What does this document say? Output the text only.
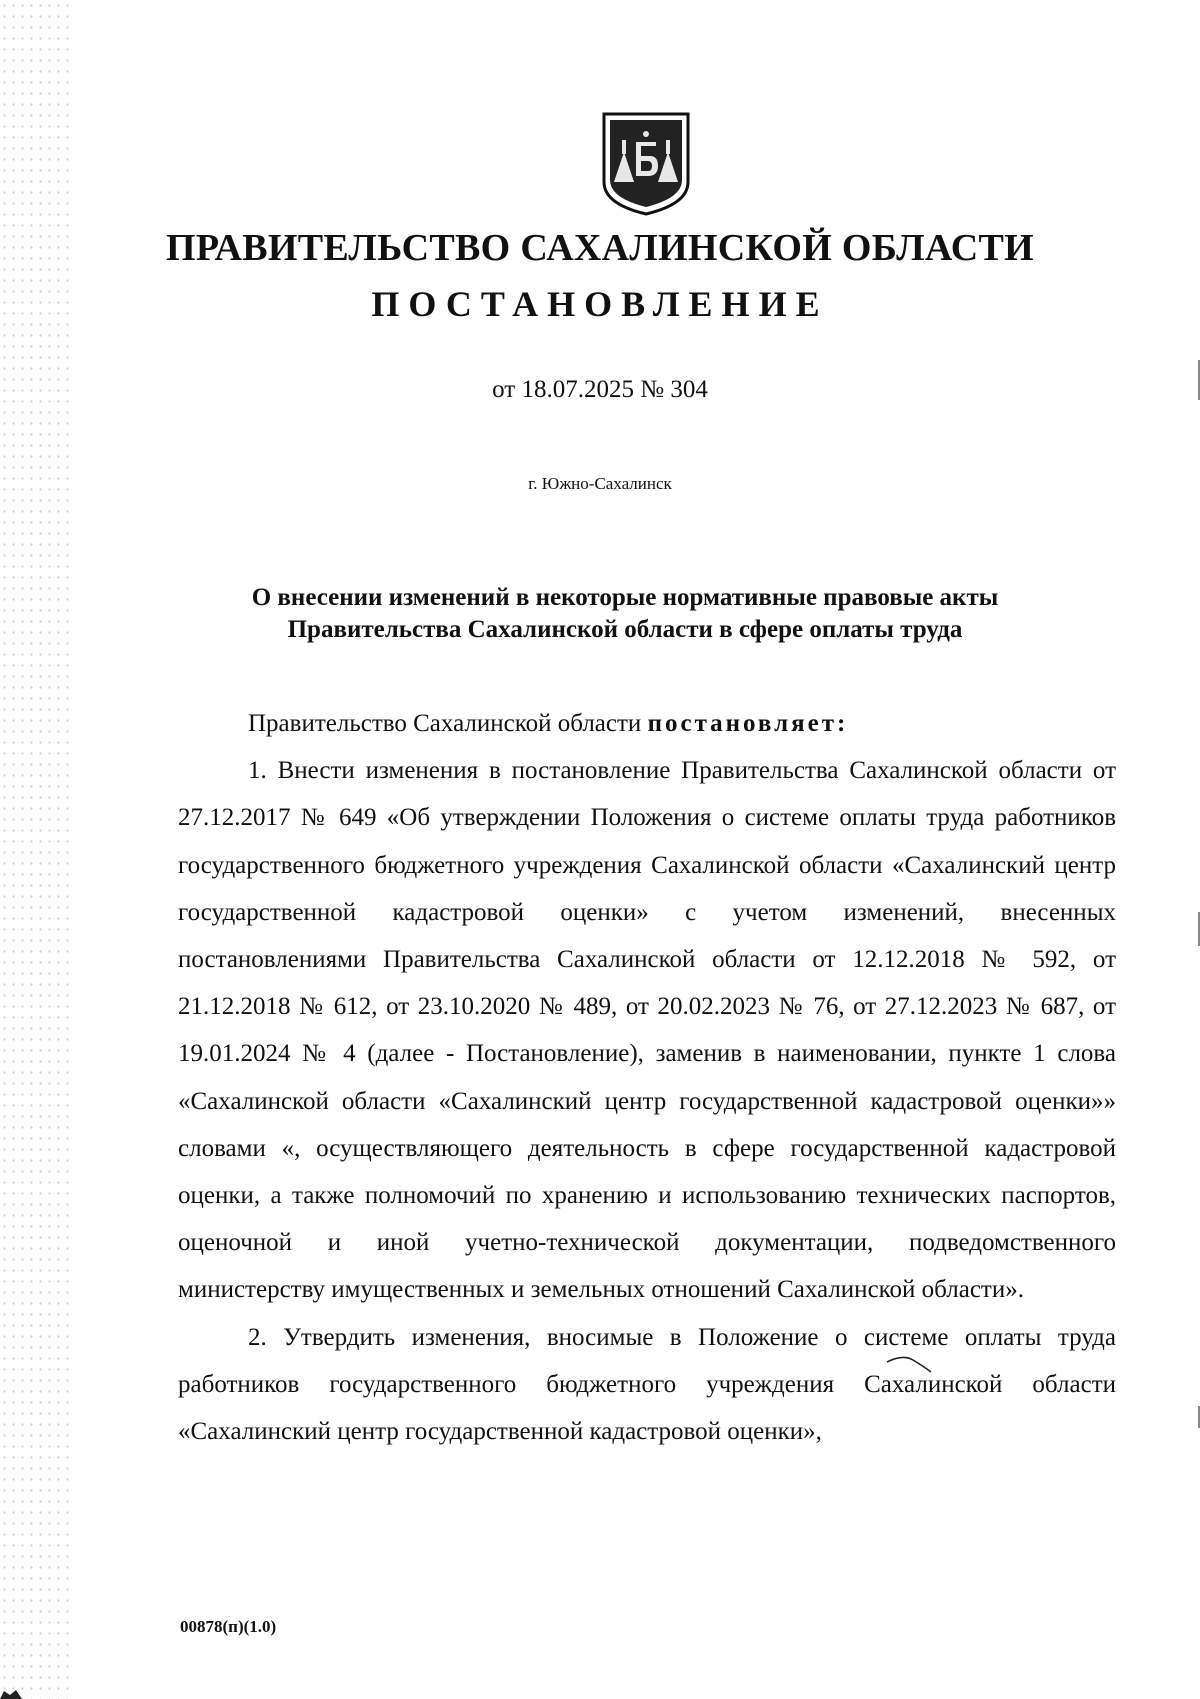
ПРАВИТЕЛЬСТВО САХАЛИНСКОЙ ОБЛАСТИ
ПОСТАНОВЛЕНИЕ
от 18.07.2025 № 304
г. Южно-Сахалинск
О внесении изменений в некоторые нормативные правовые акты
Правительства Сахалинской области в сфере оплаты труда

Правительство Сахалинской области постановляет:

1. Внести изменения в постановление Правительства Сахалинской области от 27.12.2017 № 649 «Об утверждении Положения о системе оплаты труда работников государственного бюджетного учреждения Сахалинской области «Сахалинский центр государственной кадастровой оценки» с учетом изменений, внесенных постановлениями Правительства Сахалинской области от 12.12.2018 № 592, от 21.12.2018 № 612, от 23.10.2020 № 489, от 20.02.2023 № 76, от 27.12.2023 № 687, от 19.01.2024 № 4 (далее - Постановление), заменив в наименовании, пункте 1 слова «Сахалинской области «Сахалинский центр государственной кадастровой оценки»» словами «, осуществляющего деятельность в сфере государственной кадастровой оценки, а также полномочий по хранению и использованию технических паспортов, оценочной и иной учетно-технической документации, подведомственного министерству имущественных и земельных отношений Сахалинской области».

2. Утвердить изменения, вносимые в Положение о системе оплаты труда работников государственного бюджетного учреждения Сахалинской области «Сахалинский центр государственной кадастровой оценки»,

00878(п)(1.0)
